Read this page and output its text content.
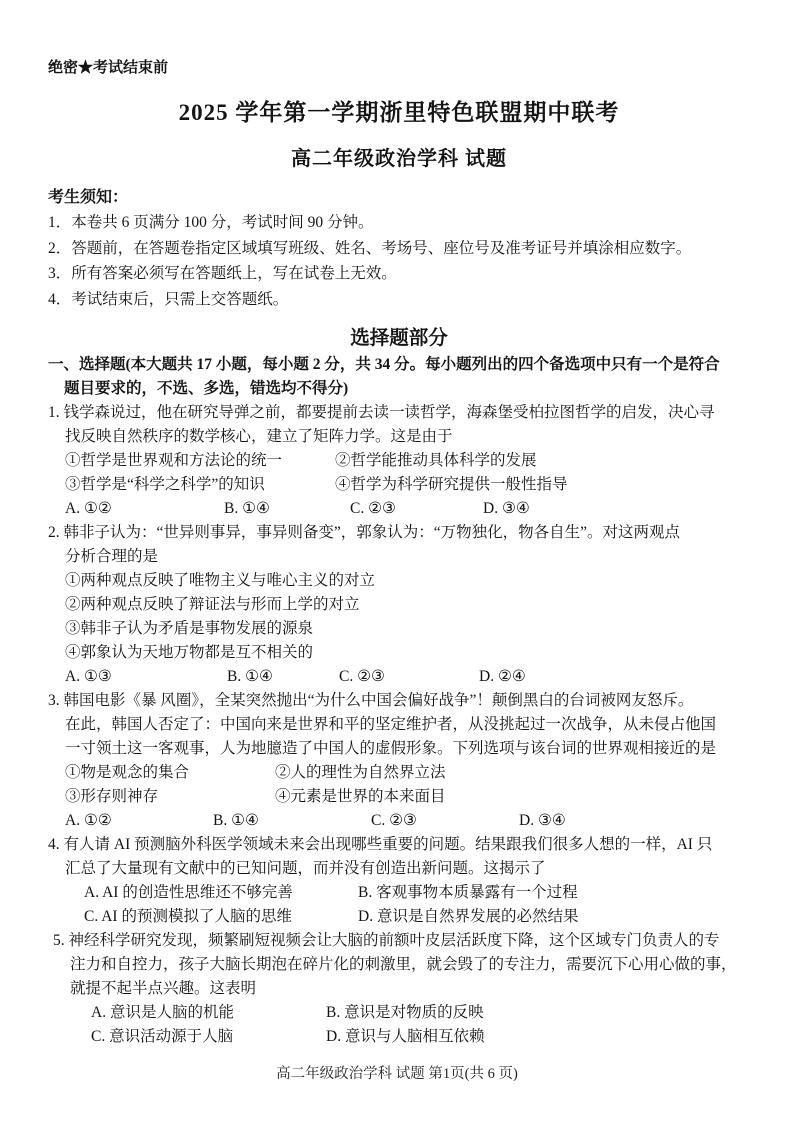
绝密★考试结束前
2025 学年第一学期浙里特色联盟期中联考
高二年级政治学科 试题
考生须知：
1．本卷共 6 页满分 100 分，考试时间 90 分钟。
2．答题前，在答题卷指定区域填写班级、姓名、考场号、座位号及准考证号并填涂相应数字。
3．所有答案必须写在答题纸上，写在试卷上无效。
4．考试结束后，只需上交答题纸。
选择题部分
一、选择题(本大题共 17 小题，每小题 2 分，共 34 分。每小题列出的四个备选项中只有一个是符合
题目要求的，不选、多选，错选均不得分)
1. 钱学森说过，他在研究导弹之前，都要提前去读一读哲学，海森堡受柏拉图哲学的启发，决心寻
找反映自然秩序的数学核心，建立了矩阵力学。这是由于
①哲学是世界观和方法论的统一	②哲学能推动具体科学的发展
③哲学是“科学之科学”的知识	④哲学为科学研究提供一般性指导
A. ①②	B. ①④	C. ②③	D. ③④
2. 韩非子认为：“世异则事异，事异则备变”，郭象认为：“万物独化，物各自生”。对这两观点
分析合理的是
①两种观点反映了唯物主义与唯心主义的对立
②两种观点反映了辩证法与形而上学的对立
③韩非子认为矛盾是事物发展的源泉
④郭象认为天地万物都是互不相关的
A. ①③	B. ①④	C. ②③	D. ②④
3. 韩国电影《暴 风圈》，全某突然抛出“为什么中国会偏好战争”！颠倒黑白的台词被网友怒斥。
在此，韩国人否定了：中国向来是世界和平的坚定维护者，从没挑起过一次战争，从未侵占他国
一寸领土这一客观事，人为地臆造了中国人的虚假形象。下列选项与该台词的世界观相接近的是
①物是观念的集合	②人的理性为自然界立法
③形存则神存	④元素是世界的本来面目
A. ①②	B. ①④	C. ②③	D. ③④
4. 有人请 AI 预测脑外科医学领域未来会出现哪些重要的问题。结果跟我们很多人想的一样，AI 只
汇总了大量现有文献中的已知问题，而并没有创造出新问题。这揭示了
A. AI 的创造性思维还不够完善	B. 客观事物本质暴露有一个过程
C. AI 的预测模拟了人脑的思维	D. 意识是自然界发展的必然结果
5. 神经科学研究发现，频繁刷短视频会让大脑的前额叶皮层活跃度下降，这个区域专门负责人的专
注力和自控力，孩子大脑长期泡在碎片化的刺激里，就会毁了的专注力，需要沉下心用心做的事，
就提不起半点兴趣。这表明
A. 意识是人脑的机能	B. 意识是对物质的反映
C. 意识活动源于人脑	D. 意识与人脑相互依赖
高二年级政治学科 试题 第1页(共 6 页)
